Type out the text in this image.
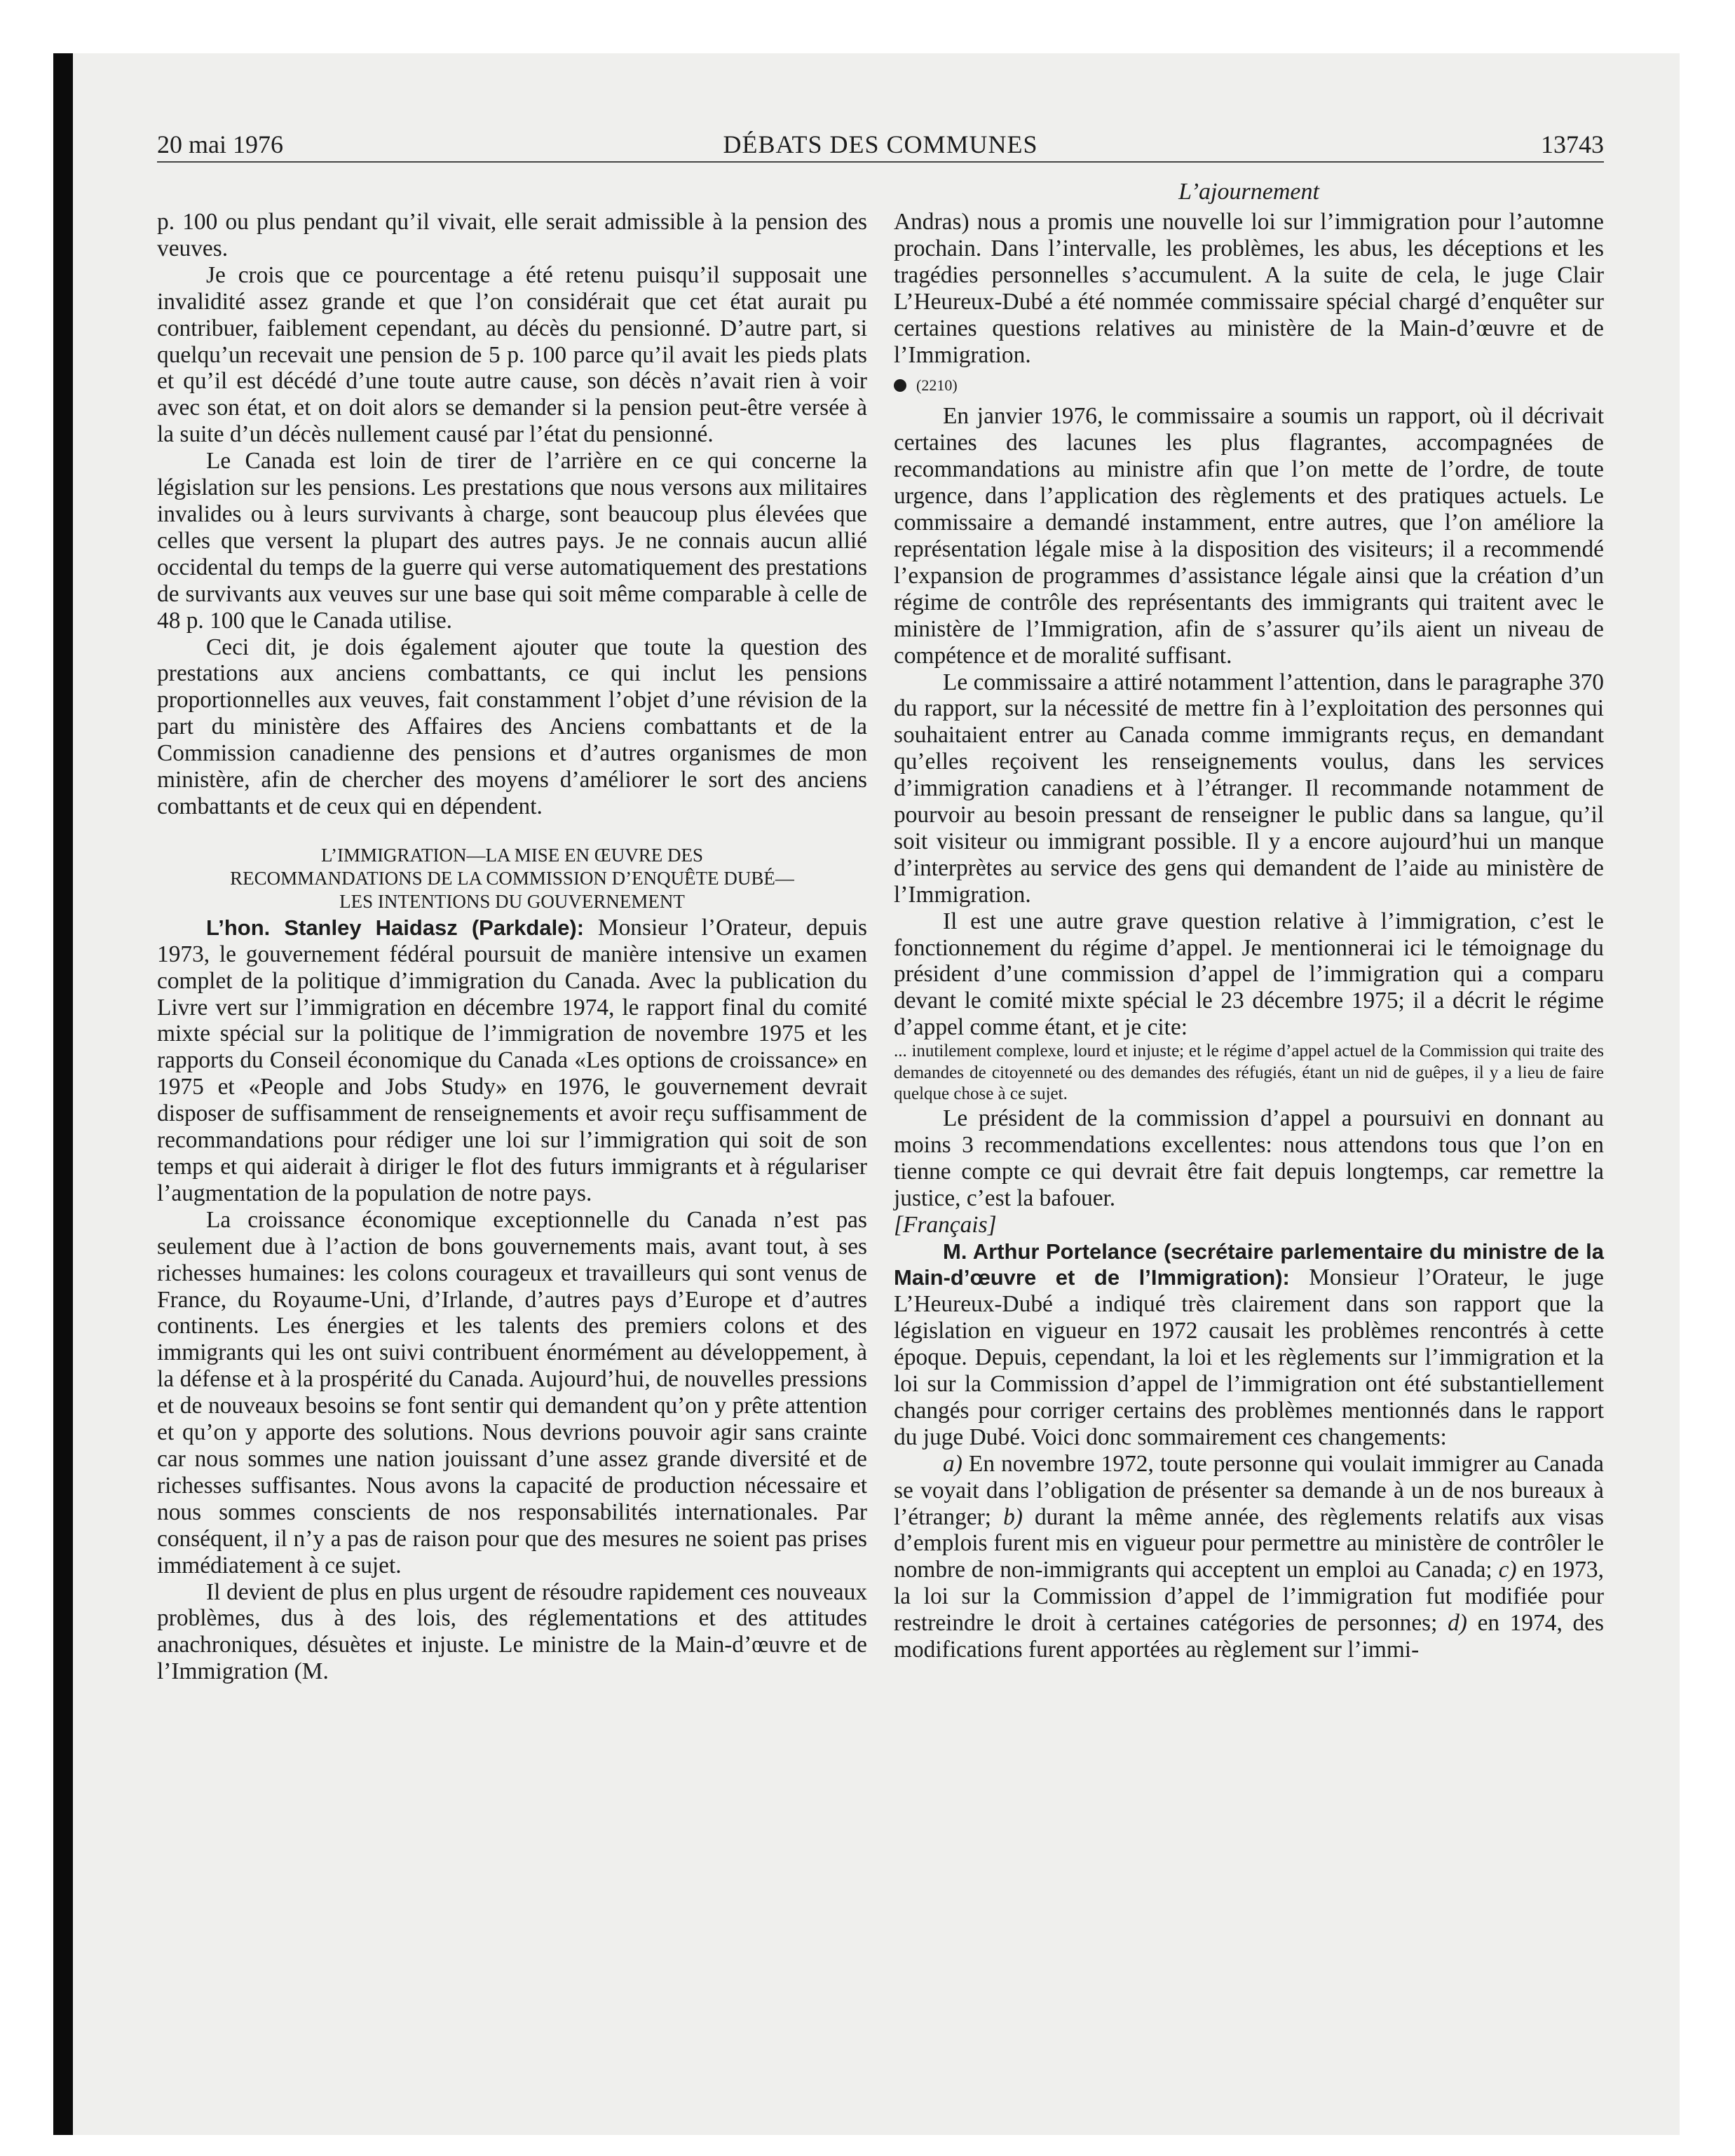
20 mai 1976	DÉBATS DES COMMUNES	13743
L’ajournement

p. 100 ou plus pendant qu’il vivait, elle serait admissible à la pension des veuves.

Je crois que ce pourcentage a été retenu puisqu’il supposait une invalidité assez grande et que l’on considérait que cet état aurait pu contribuer, faiblement cependant, au décès du pensionné. D’autre part, si quelqu’un recevait une pension de 5 p. 100 parce qu’il avait les pieds plats et qu’il est décédé d’une toute autre cause, son décès n’avait rien à voir avec son état, et on doit alors se demander si la pension peut-être versée à la suite d’un décès nullement causé par l’état du pensionné.

Le Canada est loin de tirer de l’arrière en ce qui concerne la législation sur les pensions. Les prestations que nous versons aux militaires invalides ou à leurs survivants à charge, sont beaucoup plus élevées que celles que versent la plupart des autres pays. Je ne connais aucun allié occidental du temps de la guerre qui verse automatiquement des prestations de survivants aux veuves sur une base qui soit même comparable à celle de 48 p. 100 que le Canada utilise.

Ceci dit, je dois également ajouter que toute la question des prestations aux anciens combattants, ce qui inclut les pensions proportionnelles aux veuves, fait constamment l’objet d’une révision de la part du ministère des Affaires des Anciens combattants et de la Commission canadienne des pensions et d’autres organismes de mon ministère, afin de chercher des moyens d’améliorer le sort des anciens combattants et de ceux qui en dépendent.

L’IMMIGRATION—LA MISE EN ŒUVRE DES
RECOMMANDATIONS DE LA COMMISSION D’ENQUÊTE DUBÉ—
LES INTENTIONS DU GOUVERNEMENT

L’hon. Stanley Haidasz (Parkdale): Monsieur l’Orateur, depuis 1973, le gouvernement fédéral poursuit de manière intensive un examen complet de la politique d’immigration du Canada. Avec la publication du Livre vert sur l’immigration en décembre 1974, le rapport final du comité mixte spécial sur la politique de l’immigration de novembre 1975 et les rapports du Conseil économique du Canada «Les options de croissance» en 1975 et «People and Jobs Study» en 1976, le gouvernement devrait disposer de suffisamment de renseignements et avoir reçu suffisamment de recommandations pour rédiger une loi sur l’immigration qui soit de son temps et qui aiderait à diriger le flot des futurs immigrants et à régulariser l’augmentation de la population de notre pays.

La croissance économique exceptionnelle du Canada n’est pas seulement due à l’action de bons gouvernements mais, avant tout, à ses richesses humaines: les colons courageux et travailleurs qui sont venus de France, du Royaume-Uni, d’Irlande, d’autres pays d’Europe et d’autres continents. Les énergies et les talents des premiers colons et des immigrants qui les ont suivi contribuent énormément au développement, à la défense et à la prospérité du Canada. Aujourd’hui, de nouvelles pressions et de nouveaux besoins se font sentir qui demandent qu’on y prête attention et qu’on y apporte des solutions. Nous devrions pouvoir agir sans crainte car nous sommes une nation jouissant d’une assez grande diversité et de richesses suffisantes. Nous avons la capacité de production nécessaire et nous sommes conscients de nos responsabilités internationales. Par conséquent, il n’y a pas de raison pour que des mesures ne soient pas prises immédiatement à ce sujet.

Il devient de plus en plus urgent de résoudre rapidement ces nouveaux problèmes, dus à des lois, des réglementations et des attitudes anachroniques, désuètes et injuste. Le ministre de la Main-d’œuvre et de l’Immigration (M.

Andras) nous a promis une nouvelle loi sur l’immigration pour l’automne prochain. Dans l’intervalle, les problèmes, les abus, les déceptions et les tragédies personnelles s’accumulent. A la suite de cela, le juge Clair L’Heureux-Dubé a été nommée commissaire spécial chargé d’enquêter sur certaines questions relatives au ministère de la Main-d’œuvre et de l’Immigration.

(2210)

En janvier 1976, le commissaire a soumis un rapport, où il décrivait certaines des lacunes les plus flagrantes, accompagnées de recommandations au ministre afin que l’on mette de l’ordre, de toute urgence, dans l’application des règlements et des pratiques actuels. Le commissaire a demandé instamment, entre autres, que l’on améliore la représentation légale mise à la disposition des visiteurs; il a recommendé l’expansion de programmes d’assistance légale ainsi que la création d’un régime de contrôle des représentants des immigrants qui traitent avec le ministère de l’Immigration, afin de s’assurer qu’ils aient un niveau de compétence et de moralité suffisant.

Le commissaire a attiré notamment l’attention, dans le paragraphe 370 du rapport, sur la nécessité de mettre fin à l’exploitation des personnes qui souhaitaient entrer au Canada comme immigrants reçus, en demandant qu’elles reçoivent les renseignements voulus, dans les services d’immigration canadiens et à l’étranger. Il recommande notamment de pourvoir au besoin pressant de renseigner le public dans sa langue, qu’il soit visiteur ou immigrant possible. Il y a encore aujourd’hui un manque d’interprètes au service des gens qui demandent de l’aide au ministère de l’Immigration.

Il est une autre grave question relative à l’immigration, c’est le fonctionnement du régime d’appel. Je mentionnerai ici le témoignage du président d’une commission d’appel de l’immigration qui a comparu devant le comité mixte spécial le 23 décembre 1975; il a décrit le régime d’appel comme étant, et je cite:

... inutilement complexe, lourd et injuste; et le régime d’appel actuel de la Commission qui traite des demandes de citoyenneté ou des demandes des réfugiés, étant un nid de guêpes, il y a lieu de faire quelque chose à ce sujet.

Le président de la commission d’appel a poursuivi en donnant au moins 3 recommendations excellentes: nous attendons tous que l’on en tienne compte ce qui devrait être fait depuis longtemps, car remettre la justice, c’est la bafouer.

[Français]

M. Arthur Portelance (secrétaire parlementaire du ministre de la Main-d’œuvre et de l’Immigration): Monsieur l’Orateur, le juge L’Heureux-Dubé a indiqué très clairement dans son rapport que la législation en vigueur en 1972 causait les problèmes rencontrés à cette époque. Depuis, cependant, la loi et les règlements sur l’immigration et la loi sur la Commission d’appel de l’immigration ont été substantiellement changés pour corriger certains des problèmes mentionnés dans le rapport du juge Dubé. Voici donc sommairement ces changements:

a) En novembre 1972, toute personne qui voulait immigrer au Canada se voyait dans l’obligation de présenter sa demande à un de nos bureaux à l’étranger; b) durant la même année, des règlements relatifs aux visas d’emplois furent mis en vigueur pour permettre au ministère de contrôler le nombre de non-immigrants qui acceptent un emploi au Canada; c) en 1973, la loi sur la Commission d’appel de l’immigration fut modifiée pour restreindre le droit à certaines catégories de personnes; d) en 1974, des modifications furent apportées au règlement sur l’immi-
